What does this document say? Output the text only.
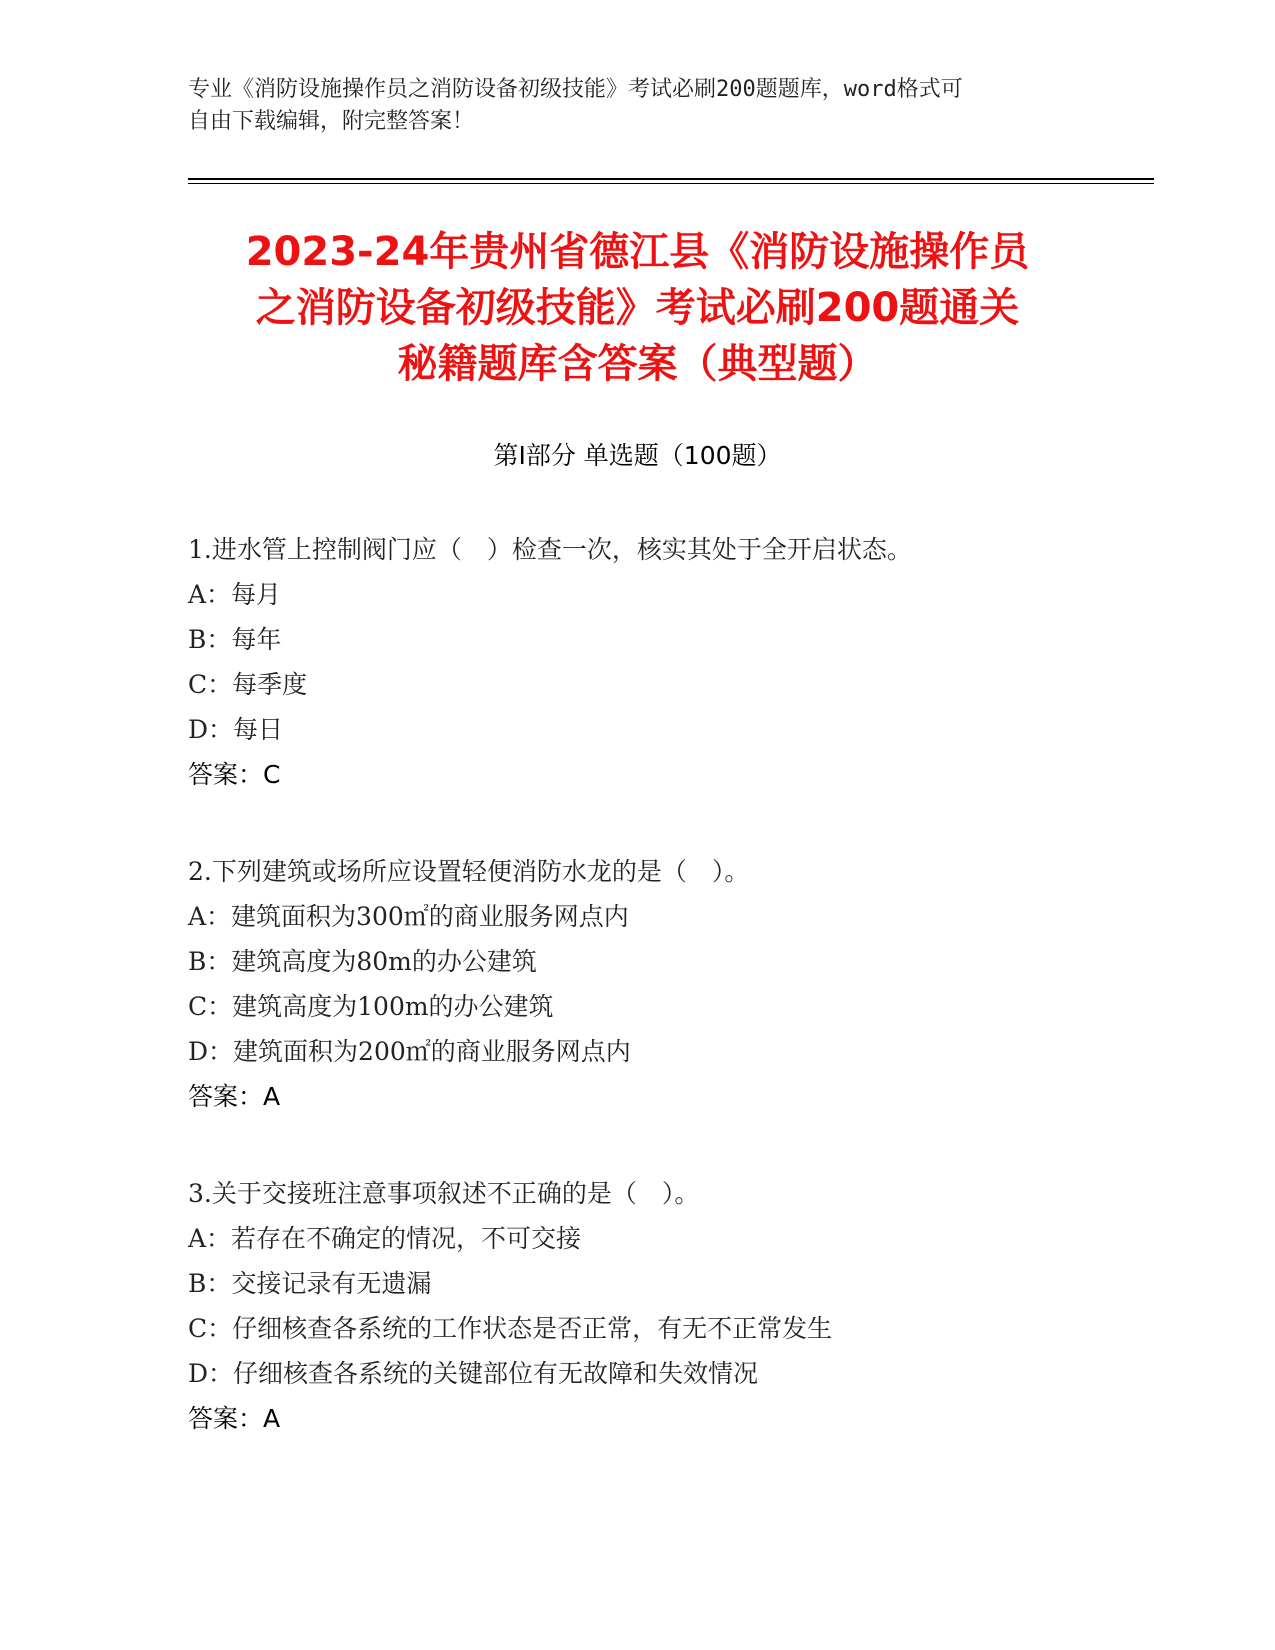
专业《消防设施操作员之消防设备初级技能》考试必刷200题题库，word格式可
自由下载编辑，附完整答案！
2023-24年贵州省德江县《消防设施操作员
之消防设备初级技能》考试必刷200题通关
秘籍题库含答案（典型题）
第Ⅰ部分 单选题（100题）
1.进水管上控制阀门应（　）检查一次，核实其处于全开启状态。
A：每月
B：每年
C：每季度
D：每日
答案：C
2.下列建筑或场所应设置轻便消防水龙的是（　）。
A：建筑面积为300㎡的商业服务网点内
B：建筑高度为80m的办公建筑
C：建筑高度为100m的办公建筑
D：建筑面积为200㎡的商业服务网点内
答案：A
3.关于交接班注意事项叙述不正确的是（　）。
A：若存在不确定的情况，不可交接
B：交接记录有无遗漏
C：仔细核查各系统的工作状态是否正常，有无不正常发生
D：仔细核查各系统的关键部位有无故障和失效情况
答案：A
